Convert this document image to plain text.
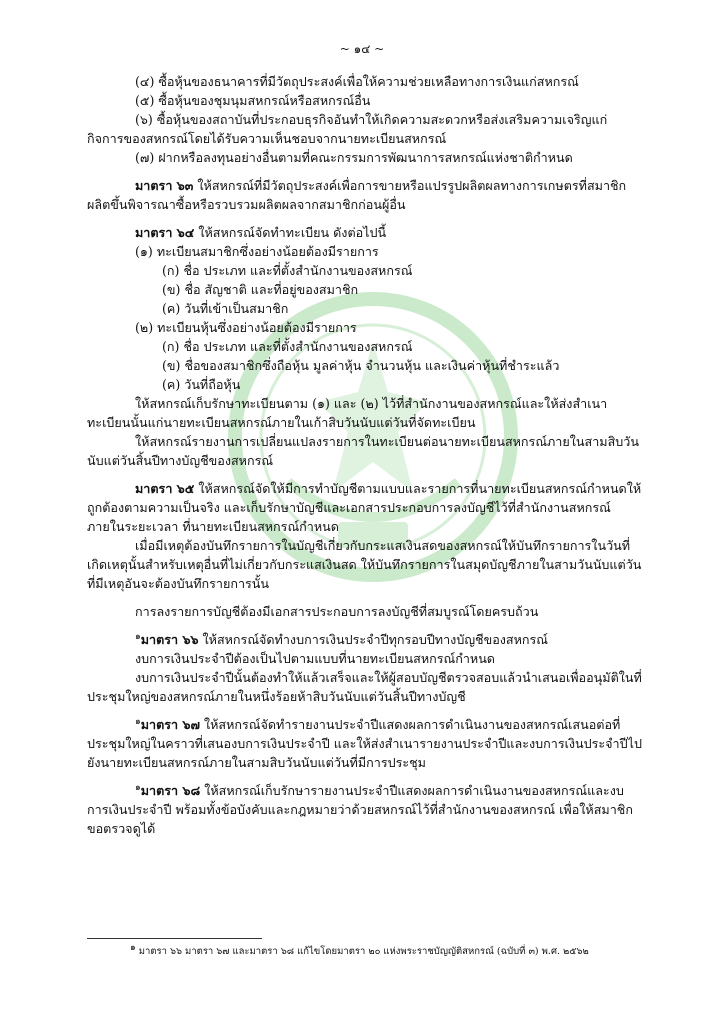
~ ๑๔ ~

(๔) ซื้อหุ้นของธนาคารที่มีวัตถุประสงค์เพื่อให้ความช่วยเหลือทางการเงินแก่สหกรณ์

(๕) ซื้อหุ้นของชุมนุมสหกรณ์หรือสหกรณ์อื่น

(๖) ซื้อหุ้นของสถาบันที่ประกอบธุรกิจอันทำให้เกิดความสะดวกหรือส่งเสริมความเจริญแก่กิจการของสหกรณ์โดยได้รับความเห็นชอบจากนายทะเบียนสหกรณ์

(๗) ฝากหรือลงทุนอย่างอื่นตามที่คณะกรรมการพัฒนาการสหกรณ์แห่งชาติกำหนด

มาตรา ๖๓ ให้สหกรณ์ที่มีวัตถุประสงค์เพื่อการขายหรือแปรรูปผลิตผลทางการเกษตรที่สมาชิกผลิตขึ้นพิจารณาซื้อหรือรวบรวมผลิตผลจากสมาชิกก่อนผู้อื่น

มาตรา ๖๔ ให้สหกรณ์จัดทำทะเบียน ดังต่อไปนี้

(๑) ทะเบียนสมาชิกซึ่งอย่างน้อยต้องมีรายการ

(ก) ชื่อ ประเภท และที่ตั้งสำนักงานของสหกรณ์

(ข) ชื่อ สัญชาติ และที่อยู่ของสมาชิก

(ค) วันที่เข้าเป็นสมาชิก

(๒) ทะเบียนหุ้นซึ่งอย่างน้อยต้องมีรายการ

(ก) ชื่อ ประเภท และที่ตั้งสำนักงานของสหกรณ์

(ข) ชื่อของสมาชิกซึ่งถือหุ้น มูลค่าหุ้น จำนวนหุ้น และเงินค่าหุ้นที่ชำระแล้ว

(ค) วันที่ถือหุ้น

ให้สหกรณ์เก็บรักษาทะเบียนตาม (๑) และ (๒) ไว้ที่สำนักงานของสหกรณ์และให้ส่งสำเนาทะเบียนนั้นแก่นายทะเบียนสหกรณ์ภายในเก้าสิบวันนับแต่วันที่จัดทะเบียน

ให้สหกรณ์รายงานการเปลี่ยนแปลงรายการในทะเบียนต่อนายทะเบียนสหกรณ์ภายในสามสิบวันนับแต่วันสิ้นปีทางบัญชีของสหกรณ์

มาตรา ๖๕ ให้สหกรณ์จัดให้มีการทำบัญชีตามแบบและรายการที่นายทะเบียนสหกรณ์กำหนดให้ถูกต้องตามความเป็นจริง และเก็บรักษาบัญชีและเอกสารประกอบการลงบัญชีไว้ที่สำนักงานสหกรณ์ภายในระยะเวลา ที่นายทะเบียนสหกรณ์กำหนด

เมื่อมีเหตุต้องบันทึกรายการในบัญชีเกี่ยวกับกระแสเงินสดของสหกรณ์ให้บันทึกรายการในวันที่เกิดเหตุนั้นสำหรับเหตุอื่นที่ไม่เกี่ยวกับกระแสเงินสด ให้บันทึกรายการในสมุดบัญชีภายในสามวันนับแต่วันที่มีเหตุอันจะต้องบันทึกรายการนั้น

การลงรายการบัญชีต้องมีเอกสารประกอบการลงบัญชีที่สมบูรณ์โดยครบถ้วน

$^๑$มาตรา ๖๖ ให้สหกรณ์จัดทำงบการเงินประจำปีทุกรอบปีทางบัญชีของสหกรณ์

งบการเงินประจำปีต้องเป็นไปตามแบบที่นายทะเบียนสหกรณ์กำหนด

งบการเงินประจำปีนั้นต้องทำให้แล้วเสร็จและให้ผู้สอบบัญชีตรวจสอบแล้วนำเสนอเพื่ออนุมัติในที่ประชุมใหญ่ของสหกรณ์ภายในหนึ่งร้อยห้าสิบวันนับแต่วันสิ้นปีทางบัญชี

$^๑$มาตรา ๖๗ ให้สหกรณ์จัดทำรายงานประจำปีแสดงผลการดำเนินงานของสหกรณ์เสนอต่อที่ประชุมใหญ่ในคราวที่เสนองบการเงินประจำปี และให้ส่งสำเนารายงานประจำปีและงบการเงินประจำปีไปยังนายทะเบียนสหกรณ์ภายในสามสิบวันนับแต่วันที่มีการประชุม

$^๑$มาตรา ๖๘ ให้สหกรณ์เก็บรักษารายงานประจำปีแสดงผลการดำเนินงานของสหกรณ์และงบการเงินประจำปี พร้อมทั้งข้อบังคับและกฎหมายว่าด้วยสหกรณ์ไว้ที่สำนักงานของสหกรณ์ เพื่อให้สมาชิกขอตรวจดูได้

๑ มาตรา ๖๖ มาตรา ๖๗ และมาตรา ๖๘ แก้ไขโดยมาตรา ๒๐ แห่งพระราชบัญญัติสหกรณ์ (ฉบับที่ ๓) พ.ศ. ๒๕๖๒
